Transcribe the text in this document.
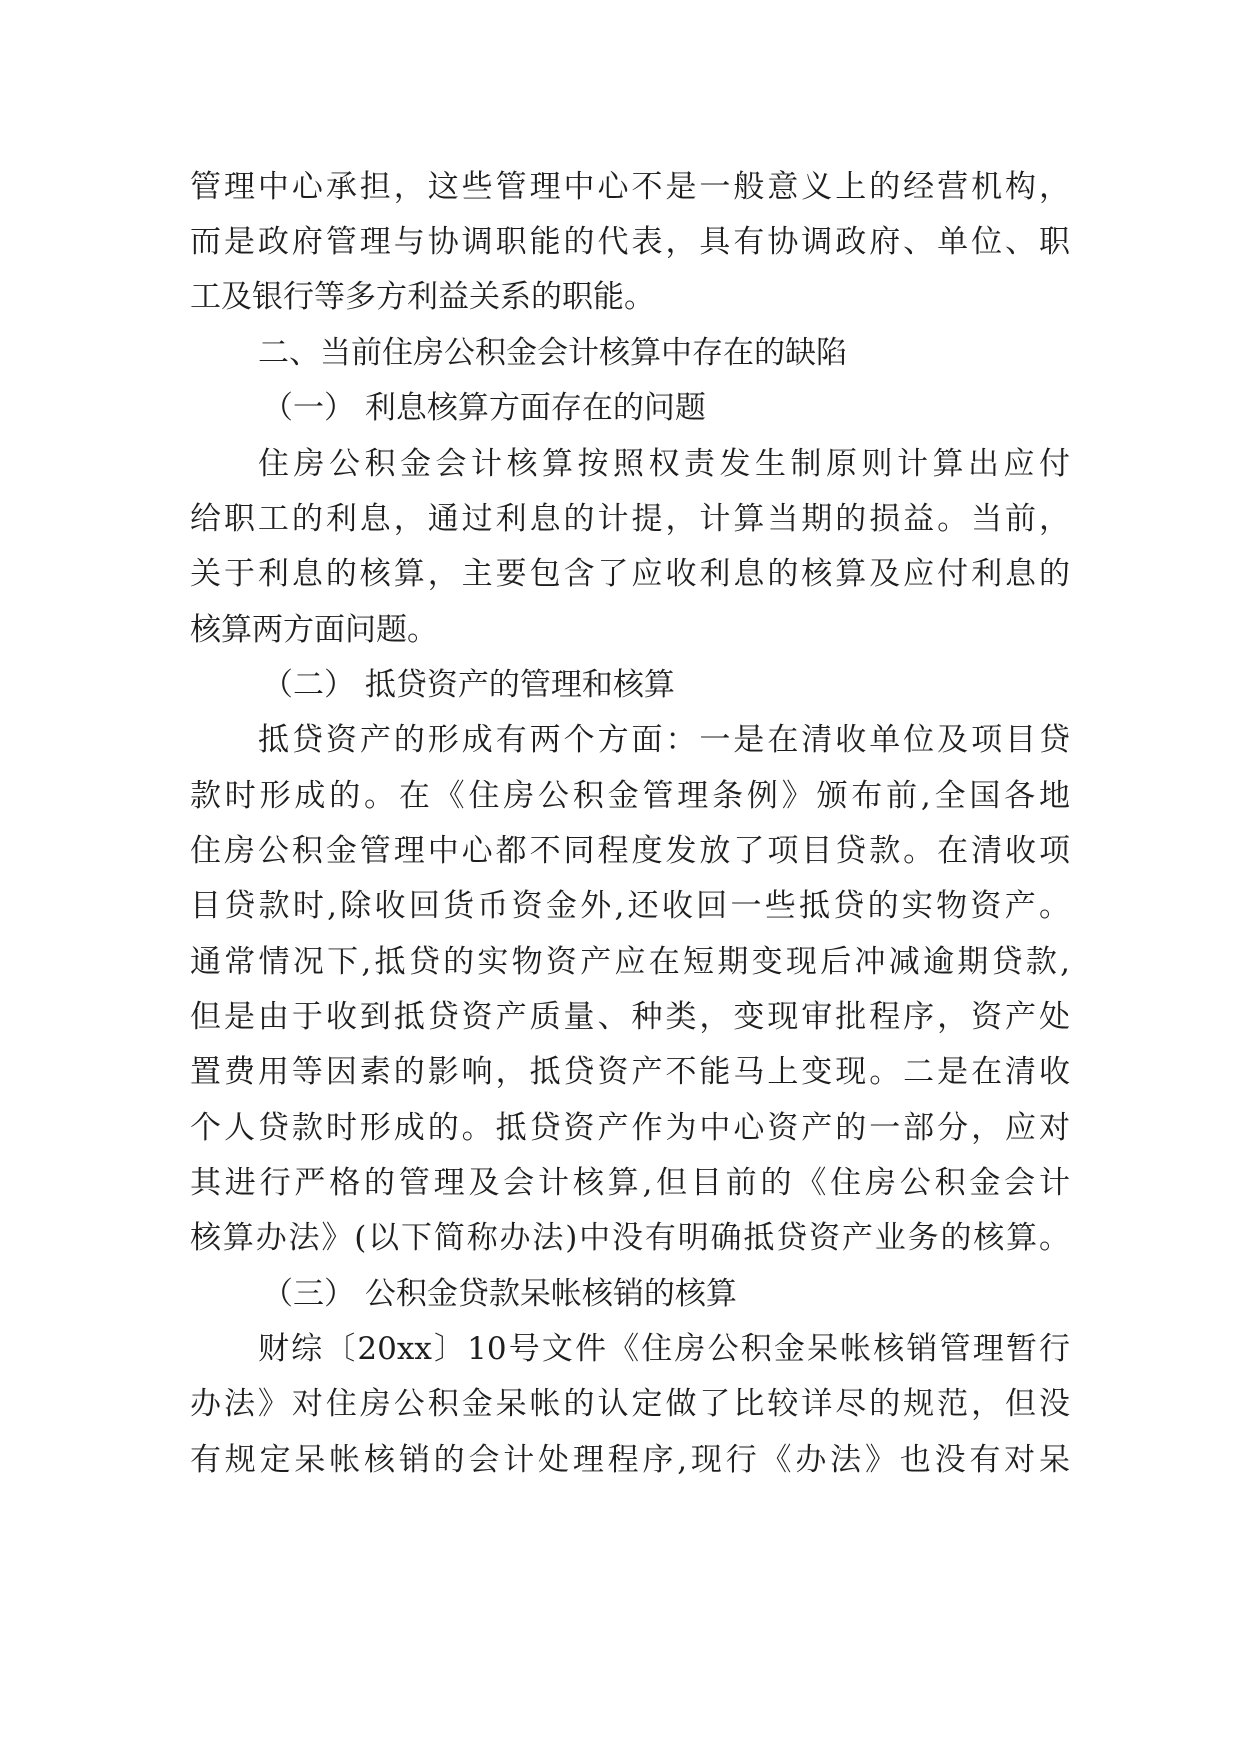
管理中心承担，这些管理中心不是一般意义上的经营机构，
而是政府管理与协调职能的代表，具有协调政府、单位、职
工及银行等多方利益关系的职能。
二、当前住房公积金会计核算中存在的缺陷
（一） 利息核算方面存在的问题
住房公积金会计核算按照权责发生制原则计算出应付
给职工的利息，通过利息的计提，计算当期的损益。当前，
关于利息的核算，主要包含了应收利息的核算及应付利息的
核算两方面问题。
（二） 抵贷资产的管理和核算
抵贷资产的形成有两个方面：一是在清收单位及项目贷
款时形成的。在《住房公积金管理条例》颁布前,全国各地
住房公积金管理中心都不同程度发放了项目贷款。在清收项
目贷款时,除收回货币资金外,还收回一些抵贷的实物资产。
通常情况下,抵贷的实物资产应在短期变现后冲减逾期贷款,
但是由于收到抵贷资产质量、种类，变现审批程序，资产处
置费用等因素的影响，抵贷资产不能马上变现。二是在清收
个人贷款时形成的。抵贷资产作为中心资产的一部分，应对
其进行严格的管理及会计核算,但目前的《住房公积金会计
核算办法》(以下简称办法)中没有明确抵贷资产业务的核算。
（三） 公积金贷款呆帐核销的核算
财综〔20xx〕10号文件《住房公积金呆帐核销管理暂行
办法》对住房公积金呆帐的认定做了比较详尽的规范，但没
有规定呆帐核销的会计处理程序,现行《办法》也没有对呆
